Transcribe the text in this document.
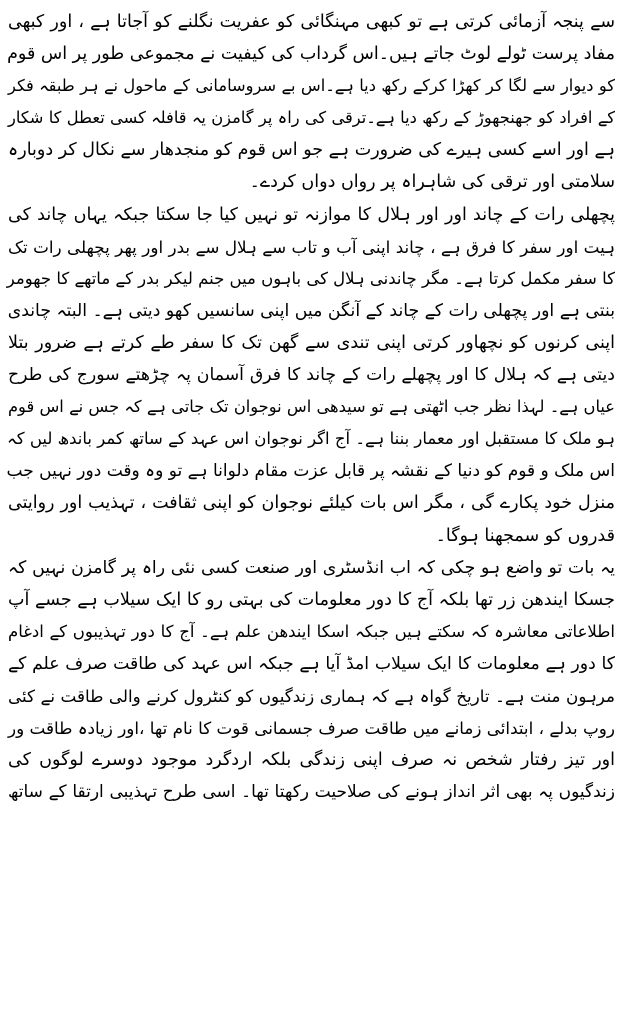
سے پنجہ آزمائی کرتی ہے تو کبھی مہنگائی کو عفریت نگلنے کو آجاتا ہے ، اور کبھی
مفاد پرست ٹولے لوٹ جاتے ہیں۔اس گرداب کی کیفیت نے مجموعی طور پر اس قوم
کو دیوار سے لگا کر کھڑا کرکے رکھ دیا ہے۔اس بے سروسامانی کے ماحول نے ہر طبقہ فکر
کے افراد کو جھنجھوڑ کے رکھ دیا ہے۔ترقی کی راہ پر گامزن یہ قافلہ کسی تعطل کا شکار
ہے اور اسے کسی ہیرے کی ضرورت ہے جو اس قوم کو منجدھار سے نکال کر دوبارہ
سلامتی اور ترقی کی شاہراہ پر رواں دواں کردے۔
پچھلی رات کے چاند اور اور ہلال کا موازنہ تو نہیں کیا جا سکتا جبکہ یہاں چاند کی
ہیت اور سفر کا فرق ہے ، چاند اپنی آب و تاب سے ہلال سے بدر اور پھر پچھلی رات تک
کا سفر مکمل کرتا ہے۔ مگر چاندنی ہلال کی باہوں میں جنم لیکر بدر کے ماتھے کا جھومر
بنتی ہے اور پچھلی رات کے چاند کے آنگن میں اپنی سانسیں کھو دیتی ہے۔ البتہ چاندی
اپنی کرنوں کو نچھاور کرتی اپنی تندی سے گھن تک کا سفر طے کرتے ہے ضرور بتلا
دیتی ہے کہ ہلال کا اور پچھلے رات کے چاند کا فرق آسمان پہ چڑھتے سورج کی طرح
عیاں ہے۔ لہذا نظر جب اٹھتی ہے تو سیدھی اس نوجوان تک جاتی ہے کہ جس نے اس قوم
ہو ملک کا مستقبل اور معمار بننا ہے۔ آج اگر نوجوان اس عہد کے ساتھ کمر باندھ لیں کہ
اس ملک و قوم کو دنیا کے نقشہ پر قابل عزت مقام دلوانا ہے تو وہ وقت دور نہیں جب
منزل خود پکارے گی ، مگر اس بات کیلئے نوجوان کو اپنی ثقافت ، تہذیب اور روایتی
قدروں کو سمجھنا ہوگا۔
یہ بات تو واضع ہو چکی کہ اب انڈسٹری اور صنعت کسی نئی راہ پر گامزن نہیں کہ
جسکا ایندھن زر تھا بلکہ آج کا دور معلومات کی بہتی رو کا ایک سیلاب ہے جسے آپ
اطلاعاتی معاشرہ کہ سکتے ہیں جبکہ اسکا ایندھن علم ہے۔ آج کا دور تہذیبوں کے ادغام
کا دور ہے معلومات کا ایک سیلاب امڈ آیا ہے جبکہ اس عہد کی طاقت صرف علم کے
مرہون منت ہے۔ تاریخ گواہ ہے کہ ہماری زندگیوں کو کنٹرول کرنے والی طاقت نے کئی
روپ بدلے ، ابتدائی زمانے میں طاقت صرف جسمانی قوت کا نام تھا ،اور زیادہ طاقت ور
اور تیز رفتار شخص نہ صرف اپنی زندگی بلکہ اردگرد موجود دوسرے لوگوں کی
زندگیوں پہ بھی اثر انداز ہونے کی صلاحیت رکھتا تھا۔ اسی طرح تہذیبی ارتقا کے ساتھ
